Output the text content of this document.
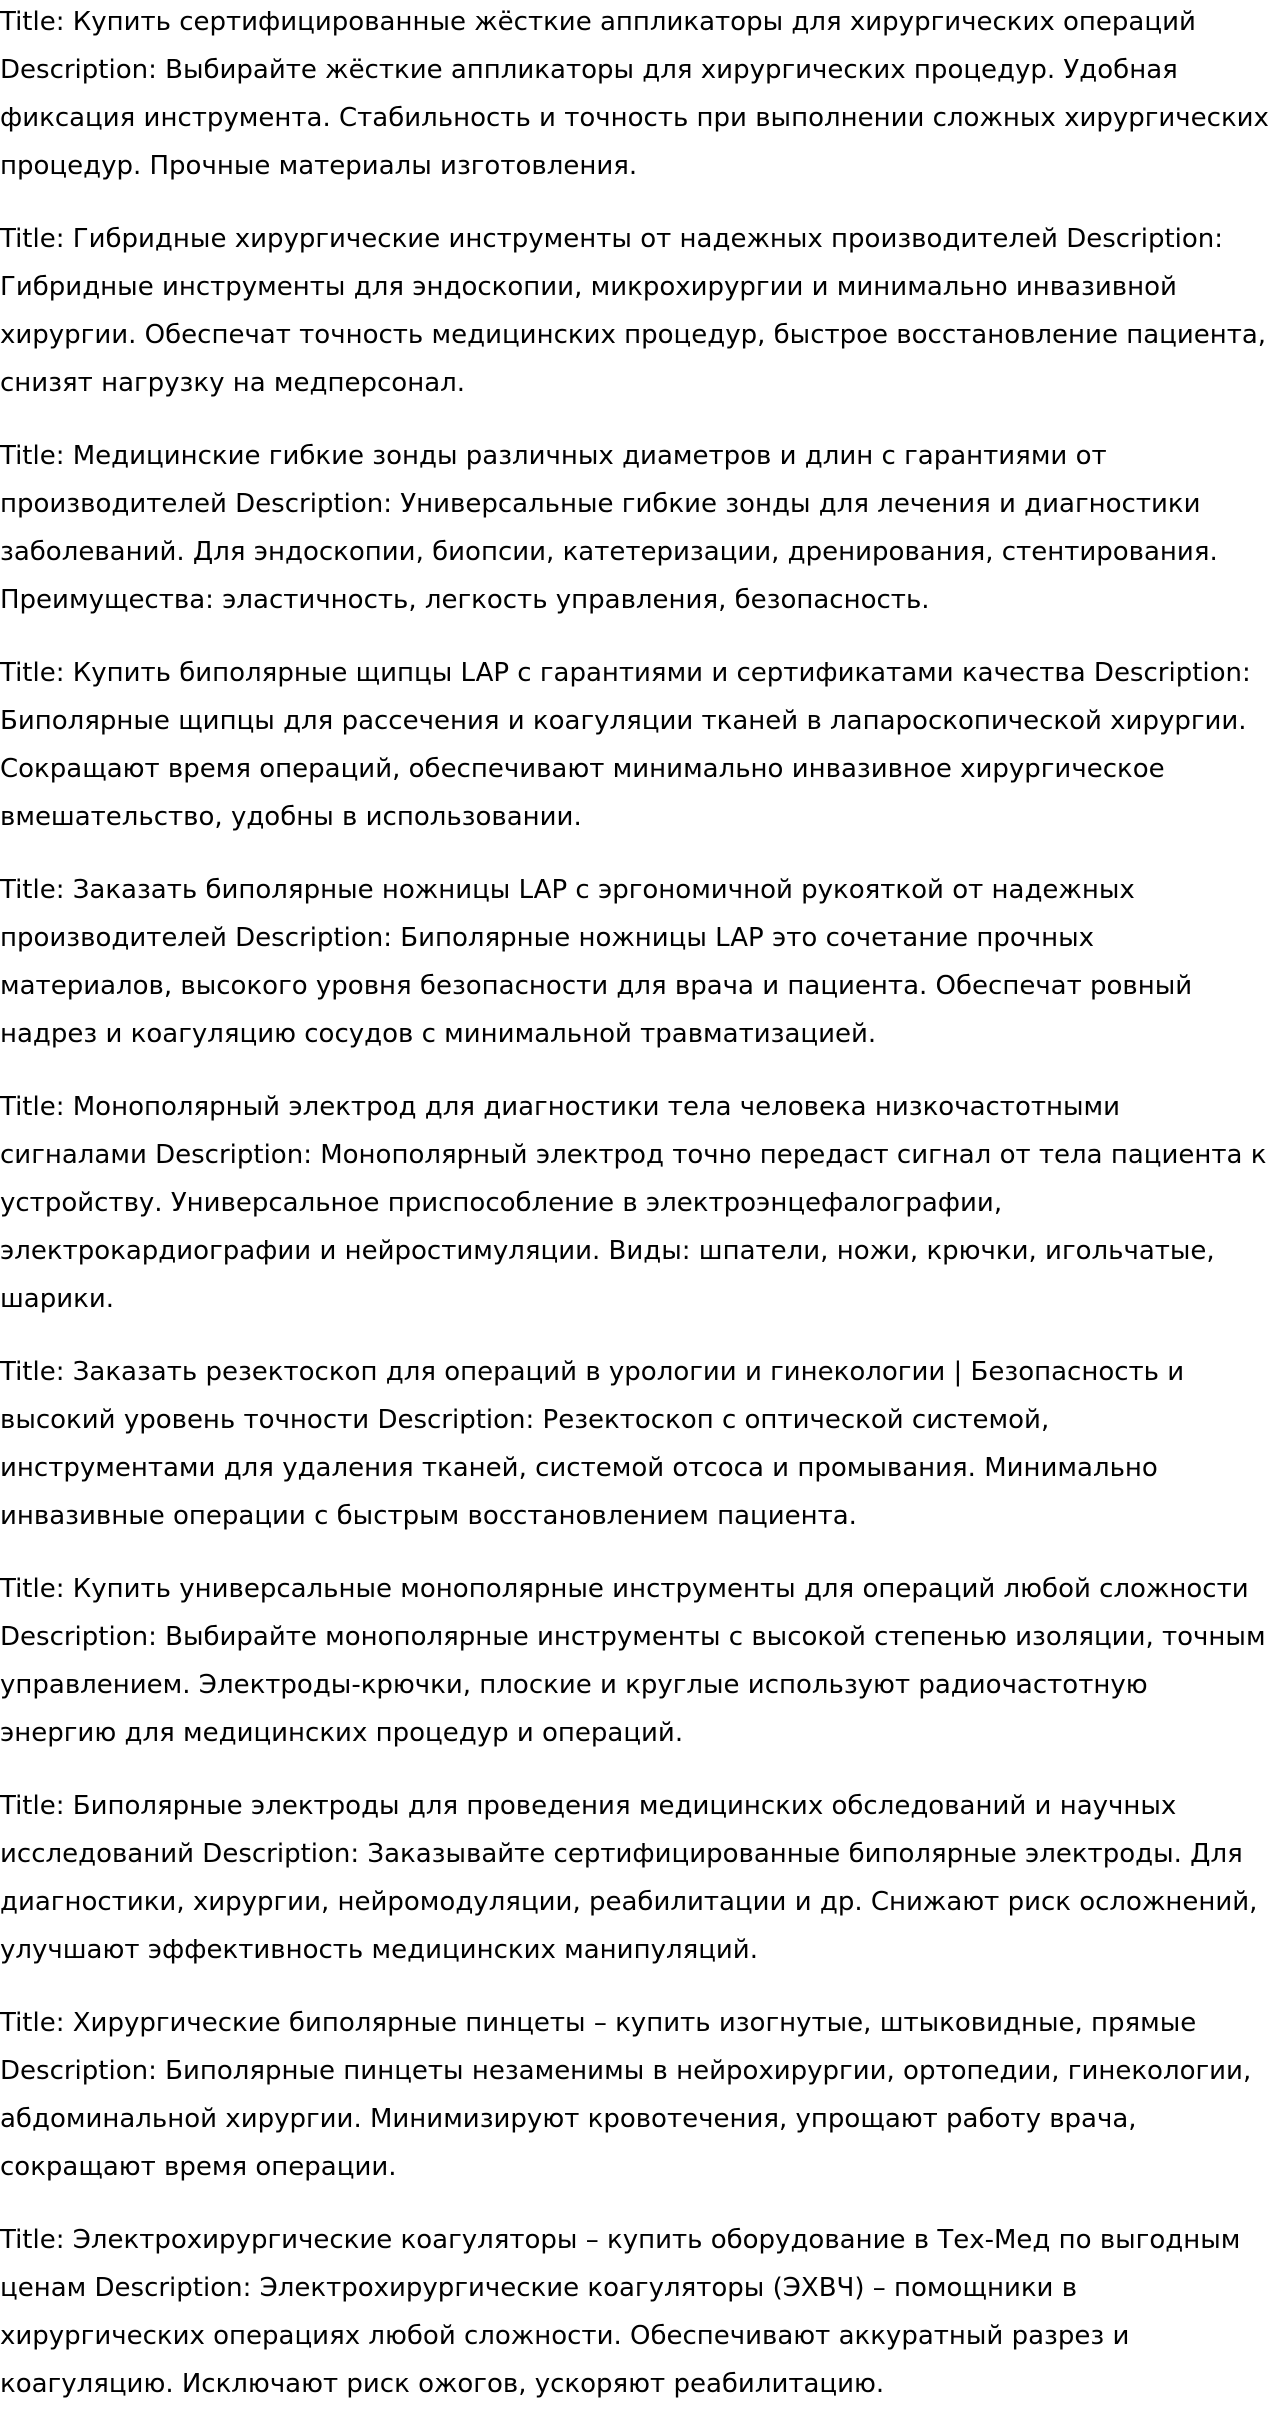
Title: Купить сертифицированные жёсткие аппликаторы для хирургических операций Description: Выбирайте жёсткие аппликаторы для хирургических процедур. Удобная фиксация инструмента. Стабильность и точность при выполнении сложных хирургических процедур. Прочные материалы изготовления.

Title: Гибридные хирургические инструменты от надежных производителей Description: Гибридные инструменты для эндоскопии, микрохирургии и минимально инвазивной хирургии. Обеспечат точность медицинских процедур, быстрое восстановление пациента, снизят нагрузку на медперсонал.

Title: Медицинские гибкие зонды различных диаметров и длин с гарантиями от производителей Description: Универсальные гибкие зонды для лечения и диагностики заболеваний. Для эндоскопии, биопсии, катетеризации, дренирования, стентирования. Преимущества: эластичность, легкость управления, безопасность.

Title: Купить биполярные щипцы LAP с гарантиями и сертификатами качества Description: Биполярные щипцы для рассечения и коагуляции тканей в лапароскопической хирургии. Сокращают время операций, обеспечивают минимально инвазивное хирургическое вмешательство, удобны в использовании.

Title: Заказать биполярные ножницы LAP с эргономичной рукояткой от надежных производителей Description: Биполярные ножницы LAP это сочетание прочных материалов, высокого уровня безопасности для врача и пациента. Обеспечат ровный надрез и коагуляцию сосудов с минимальной травматизацией.

Title: Монополярный электрод для диагностики тела человека низкочастотными сигналами Description: Монополярный электрод точно передаст сигнал от тела пациента к устройству. Универсальное приспособление в электроэнцефалографии, электрокардиографии и нейростимуляции. Виды: шпатели, ножи, крючки, игольчатые, шарики.

Title: Заказать резектоскоп для операций в урологии и гинекологии | Безопасность и высокий уровень точности Description: Резектоскоп с оптической системой, инструментами для удаления тканей, системой отсоса и промывания. Минимально инвазивные операции с быстрым восстановлением пациента.

Title: Купить универсальные монополярные инструменты для операций любой сложности Description: Выбирайте монополярные инструменты с высокой степенью изоляции, точным управлением. Электроды-крючки, плоские и круглые используют радиочастотную энергию для медицинских процедур и операций.

Title: Биполярные электроды для проведения медицинских обследований и научных исследований Description: Заказывайте сертифицированные биполярные электроды. Для диагностики, хирургии, нейромодуляции, реабилитации и др. Снижают риск осложнений, улучшают эффективность медицинских манипуляций.

Title: Хирургические биполярные пинцеты – купить изогнутые, штыковидные, прямые Description: Биполярные пинцеты незаменимы в нейрохирургии, ортопедии, гинекологии, абдоминальной хирургии. Минимизируют кровотечения, упрощают работу врача, сокращают время операции.

Title: Электрохирургические коагуляторы – купить оборудование в Тех-Мед по выгодным ценам Description: Электрохирургические коагуляторы (ЭХВЧ) – помощники в хирургических операциях любой сложности. Обеспечивают аккуратный разрез и коагуляцию. Исключают риск ожогов, ускоряют реабилитацию.
